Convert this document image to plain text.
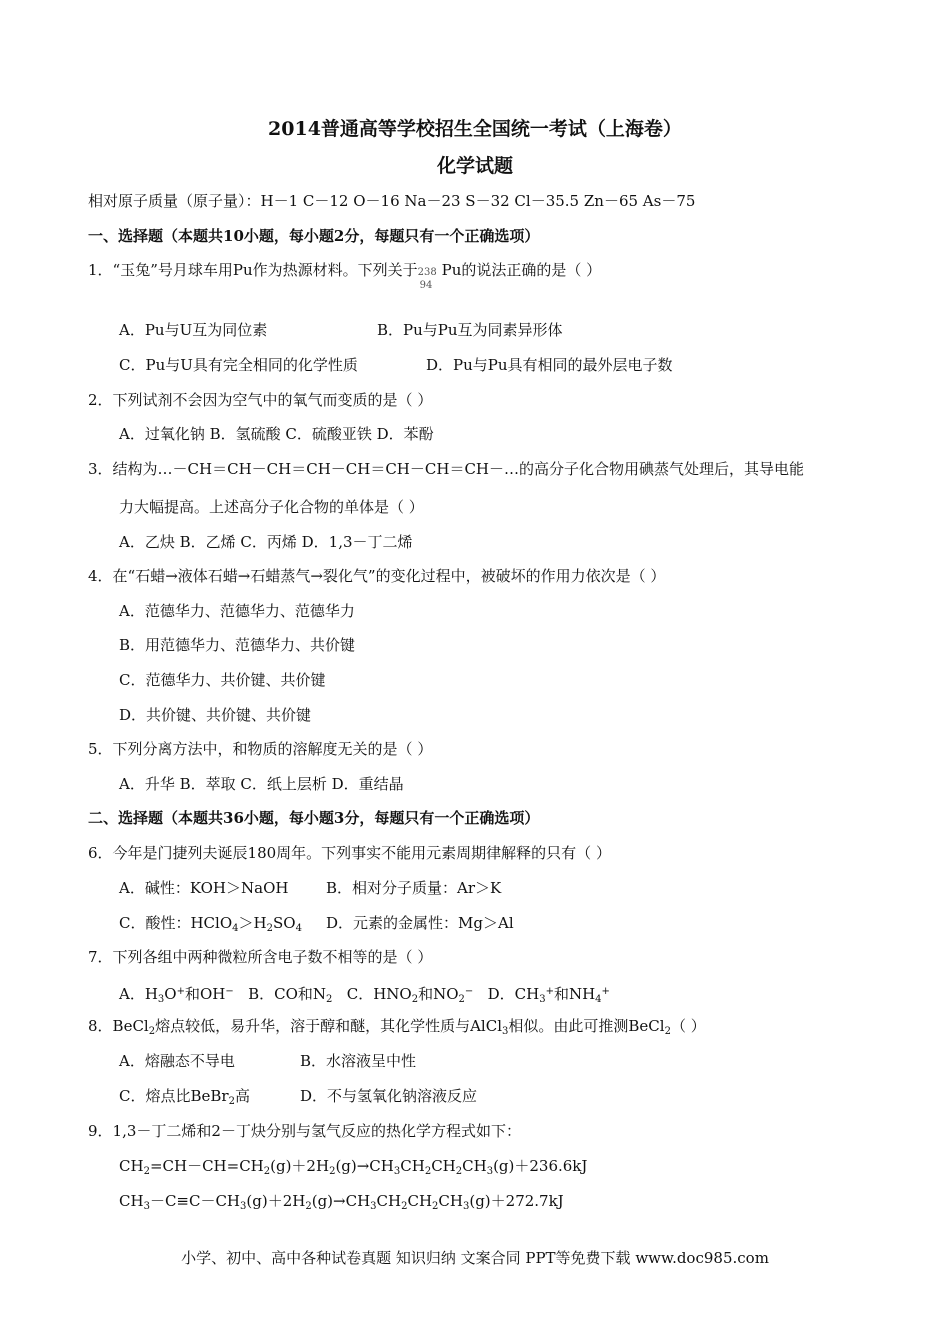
2014普通高等学校招生全国统一考试（上海卷）
化学试题
相对原子质量（原子量）：H－1 C－12 O－16 Na－23 S－32 Cl－35.5 Zn－65 As－75
一、选择题（本题共10小题，每小题2分，每题只有一个正确选项）
1．“玉兔”号月球车用Pu作为热源材料。下列关于 238
94
Pu的说法正确的是（ ）
A．Pu与U互为同位素	B．Pu与Pu互为同素异形体
C．Pu与U具有完全相同的化学性质	D．Pu与Pu具有相同的最外层电子数
2．下列试剂不会因为空气中的氧气而变质的是（ ）
A．过氧化钠 B．氢硫酸 C．硫酸亚铁 D．苯酚
3．结构为…－CH＝CH－CH＝CH－CH＝CH－CH＝CH－…的高分子化合物用碘蒸气处理后，其导电能
力大幅提高。上述高分子化合物的单体是（ ）
A．乙炔 B．乙烯 C．丙烯 D．1,3－丁二烯
4．在“石蜡→液体石蜡→石蜡蒸气→裂化气”的变化过程中，被破坏的作用力依次是（ ）
A．范德华力、范德华力、范德华力
B．用范德华力、范德华力、共价键
C．范德华力、共价键、共价键
D．共价键、共价键、共价键
5．下列分离方法中，和物质的溶解度无关的是（ ）
A．升华 B．萃取 C．纸上层析 D．重结晶
二、选择题（本题共36小题，每小题3分，每题只有一个正确选项）
6．今年是门捷列夫诞辰180周年。下列事实不能用元素周期律解释的只有（ ）
A．碱性：KOH＞NaOH	B．相对分子质量：Ar＞K
C．酸性：$HClO_4>H_2SO_4$ D．元素的金属性：Mg＞Al
7．下列各组中两种微粒所含电子数不相等的是（ ）
A．$H_3O^+$和OH− B．CO和$N_2$ C．$HNO_2$和$NO_2^-$ D．$CH_3^+$和$NH_4^+$
8．BeCl$_2$熔点较低，易升华，溶于醇和醚，其化学性质与AlCl$_3$相似。由此可推测BeCl$_2$（ ）
A．熔融态不导电	B．水溶液呈中性
C．熔点比BeBr$_2$高	D．不与氢氧化钠溶液反应
9．1,3－丁二烯和2－丁炔分别与氢气反应的热化学方程式如下：
$CH_2=CH-CH=CH_2(g)+2H_2(g)\to CH_3CH_2CH_2CH_3(g)+236.6kJ$
$CH_3-C\equiv C-CH_3(g)+2H_2(g)\to CH_3CH_2CH_2CH_3(g)+272.7kJ$
小学、初中、高中各种试卷真题 知识归纳 文案合同 PPT等免费下载 www.doc985.com
